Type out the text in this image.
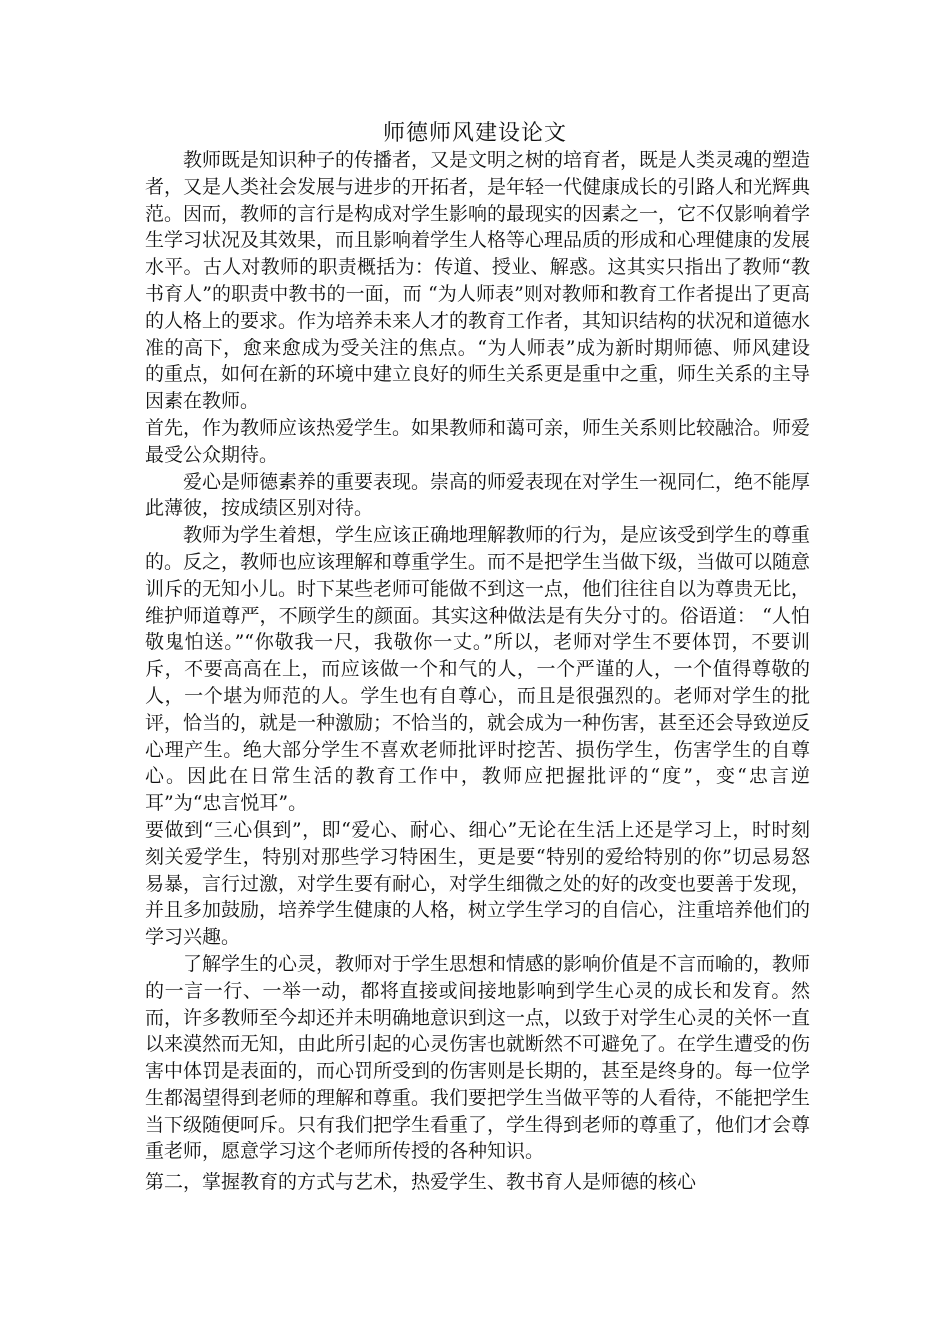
师德师风建设论文

教师既是知识种子的传播者，又是文明之树的培育者，既是人类灵魂的塑造者，又是人类社会发展与进步的开拓者，是年轻一代健康成长的引路人和光辉典范。因而，教师的言行是构成对学生影响的最现实的因素之一，它不仅影响着学生学习状况及其效果，而且影响着学生人格等心理品质的形成和心理健康的发展水平。古人对教师的职责概括为：传道、授业、解惑。这其实只指出了教师“教书育人”的职责中教书的一面，而 “为人师表”则对教师和教育工作者提出了更高的人格上的要求。作为培养未来人才的教育工作者，其知识结构的状况和道德水准的高下，愈来愈成为受关注的焦点。“为人师表”成为新时期师德、师风建设的重点，如何在新的环境中建立良好的师生关系更是重中之重，师生关系的主导因素在教师。

首先，作为教师应该热爱学生。如果教师和蔼可亲，师生关系则比较融洽。师爱最受公众期待。

爱心是师德素养的重要表现。崇高的师爱表现在对学生一视同仁，绝不能厚此薄彼，按成绩区别对待。

教师为学生着想，学生应该正确地理解教师的行为，是应该受到学生的尊重的。反之，教师也应该理解和尊重学生。而不是把学生当做下级，当做可以随意训斥的无知小儿。时下某些老师可能做不到这一点，他们往往自以为尊贵无比，维护师道尊严，不顾学生的颜面。其实这种做法是有失分寸的。俗语道： “人怕敬鬼怕送。”“你敬我一尺，我敬你一丈。”所以，老师对学生不要体罚，不要训斥，不要高高在上，而应该做一个和气的人，一个严谨的人，一个值得尊敬的人，一个堪为师范的人。学生也有自尊心，而且是很强烈的。老师对学生的批评，恰当的，就是一种激励；不恰当的，就会成为一种伤害，甚至还会导致逆反心理产生。绝大部分学生不喜欢老师批评时挖苦、损伤学生，伤害学生的自尊心。因此在日常生活的教育工作中，教师应把握批评的“度”，变“忠言逆耳”为“忠言悦耳”。

要做到“三心俱到”，即“爱心、耐心、细心”无论在生活上还是学习上，时时刻刻关爱学生，特别对那些学习特困生，更是要“特别的爱给特别的你”切忌易怒易暴，言行过激，对学生要有耐心，对学生细微之处的好的改变也要善于发现，并且多加鼓励，培养学生健康的人格，树立学生学习的自信心，注重培养他们的学习兴趣。

了解学生的心灵，教师对于学生思想和情感的影响价值是不言而喻的，教师的一言一行、一举一动，都将直接或间接地影响到学生心灵的成长和发育。然而，许多教师至今却还并未明确地意识到这一点，以致于对学生心灵的关怀一直以来漠然而无知，由此所引起的心灵伤害也就断然不可避免了。在学生遭受的伤害中体罚是表面的，而心罚所受到的伤害则是长期的，甚至是终身的。每一位学生都渴望得到老师的理解和尊重。我们要把学生当做平等的人看待，不能把学生当下级随便呵斥。只有我们把学生看重了，学生得到老师的尊重了，他们才会尊重老师，愿意学习这个老师所传授的各种知识。

第二，掌握教育的方式与艺术，热爱学生、教书育人是师德的核心
